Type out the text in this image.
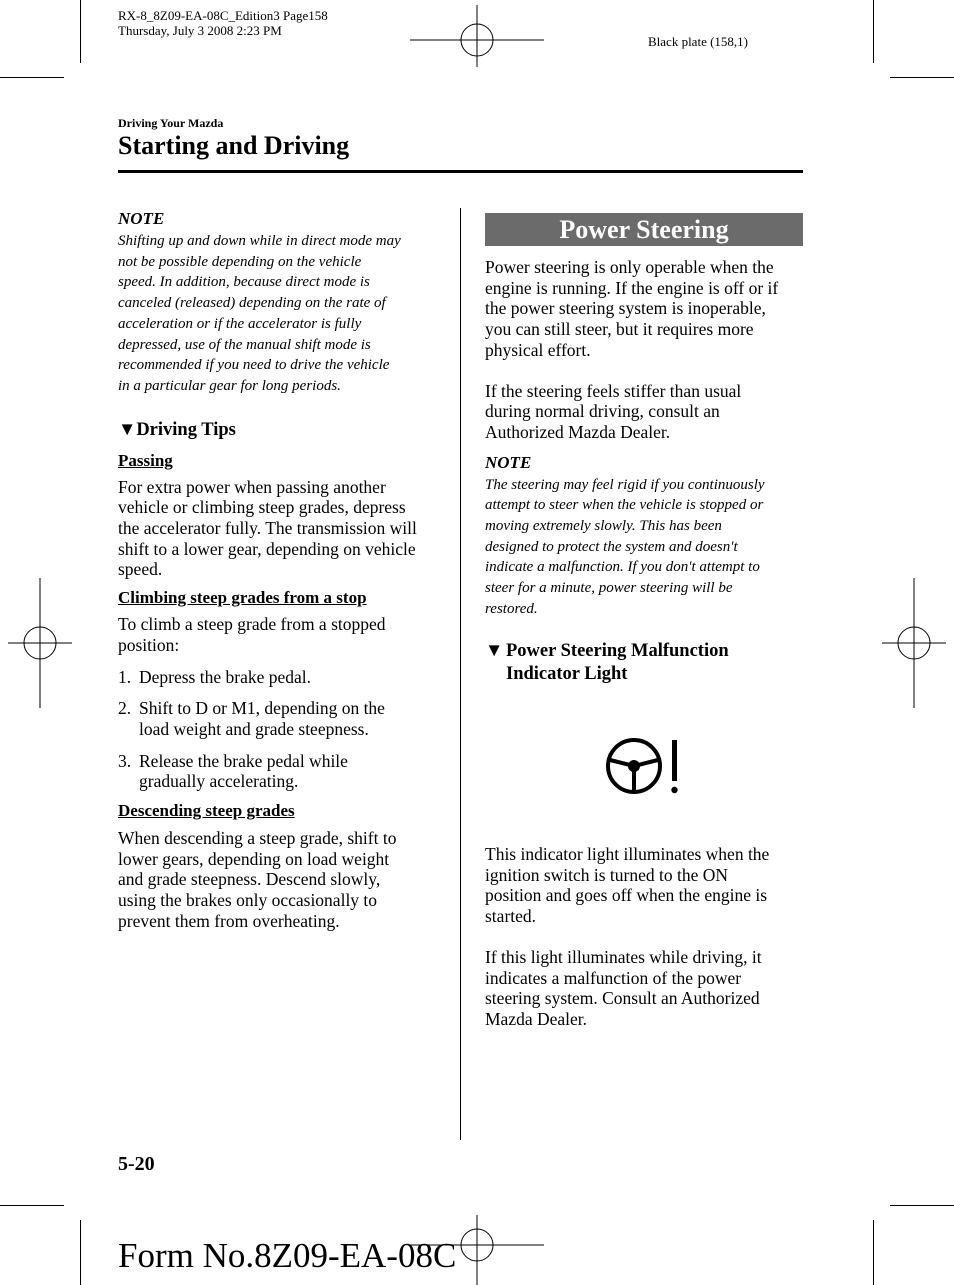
RX-8_8Z09-EA-08C_Edition3 Page158
Thursday, July 3 2008 2:23 PM
Black plate (158,1)
Driving Your Mazda
Starting and Driving
NOTE
Shifting up and down while in direct mode may
not be possible depending on the vehicle
speed. In addition, because direct mode is
canceled (released) depending on the rate of
acceleration or if the accelerator is fully
depressed, use of the manual shift mode is
recommended if you need to drive the vehicle
in a particular gear for long periods.
▼Driving Tips
Passing
For extra power when passing another
vehicle or climbing steep grades, depress
the accelerator fully. The transmission will
shift to a lower gear, depending on vehicle
speed.
Climbing steep grades from a stop
To climb a steep grade from a stopped
position:
1. Depress the brake pedal.
2. Shift to D or M1, depending on the
load weight and grade steepness.
3. Release the brake pedal while
gradually accelerating.
Descending steep grades
When descending a steep grade, shift to
lower gears, depending on load weight
and grade steepness. Descend slowly,
using the brakes only occasionally to
prevent them from overheating.
Power Steering
Power steering is only operable when the
engine is running. If the engine is off or if
the power steering system is inoperable,
you can still steer, but it requires more
physical effort.
If the steering feels stiffer than usual
during normal driving, consult an
Authorized Mazda Dealer.
NOTE
The steering may feel rigid if you continuously
attempt to steer when the vehicle is stopped or
moving extremely slowly. This has been
designed to protect the system and doesn't
indicate a malfunction. If you don't attempt to
steer for a minute, power steering will be
restored.
▼ Power Steering Malfunction
Indicator Light
This indicator light illuminates when the
ignition switch is turned to the ON
position and goes off when the engine is
started.
If this light illuminates while driving, it
indicates a malfunction of the power
steering system. Consult an Authorized
Mazda Dealer.
5-20
Form No.8Z09-EA-08C
